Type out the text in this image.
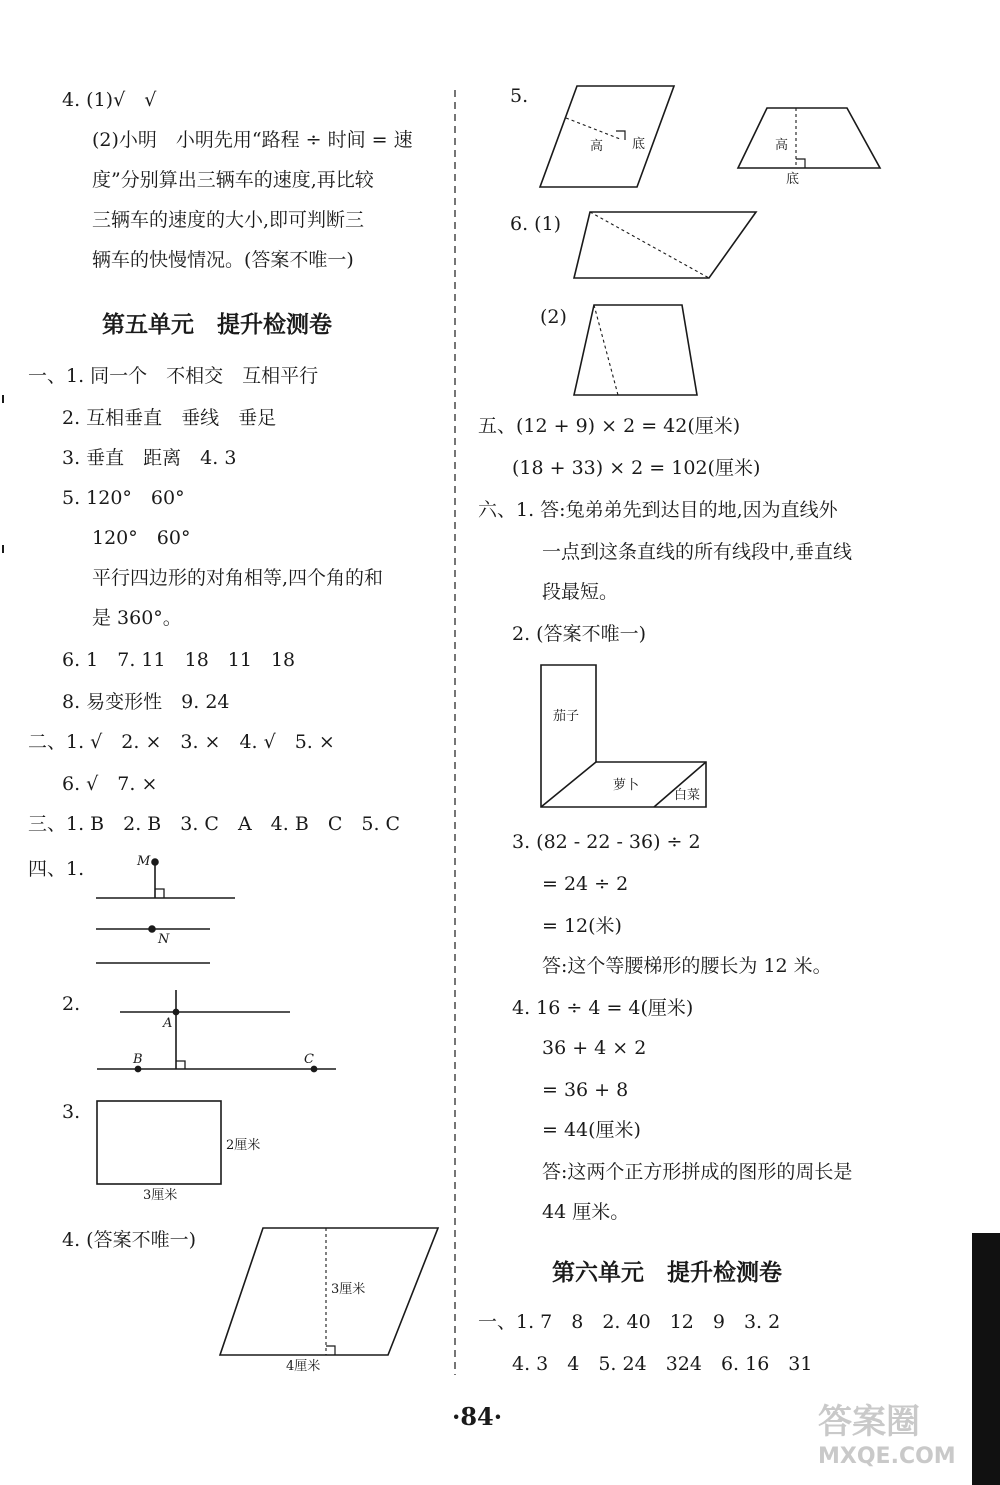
4. (1)√　√
(2)小明　小明先用“路程 ÷ 时间 = 速
度”分别算出三辆车的速度,再比较
三辆车的速度的大小,即可判断三
辆车的快慢情况。(答案不唯一)
第五单元　提升检测卷
一、1. 同一个　不相交　互相平行
2. 互相垂直　垂线　垂足
3. 垂直　距离　4. 3
5. 120°　60°
120°　60°
平行四边形的对角相等,四个角的和
是 360°。
6. 1　7. 11　18　11　18
8. 易变形性　9. 24
二、1. √　2. ×　3. ×　4. √　5. ×
6. √　7. ×
三、1. B　2. B　3. C　A　4. B　C　5. C
四、1.	M
N
2.
A
B	C
3.
2厘米
3厘米
4. (答案不唯一)
3厘米
4厘米
5.
高 底	高
底
6. (1)
(2)
五、(12 + 9) × 2 = 42(厘米)
(18 + 33) × 2 = 102(厘米)
六、1. 答:兔弟弟先到达目的地,因为直线外
一点到这条直线的所有线段中,垂直线
段最短。
2. (答案不唯一)
茄子
萝卜
白菜
3. (82 - 22 - 36) ÷ 2
= 24 ÷ 2
= 12(米)
答:这个等腰梯形的腰长为 12 米。
4. 16 ÷ 4 = 4(厘米)
36 + 4 × 2
= 36 + 8
= 44(厘米)
答:这两个正方形拼成的图形的周长是
44 厘米。
第六单元　提升检测卷
一、1. 7　8　2. 40　12　9　3. 2
4. 3　4　5. 24　324　6. 16　31
·84·	答案圈
MXQE.COM
